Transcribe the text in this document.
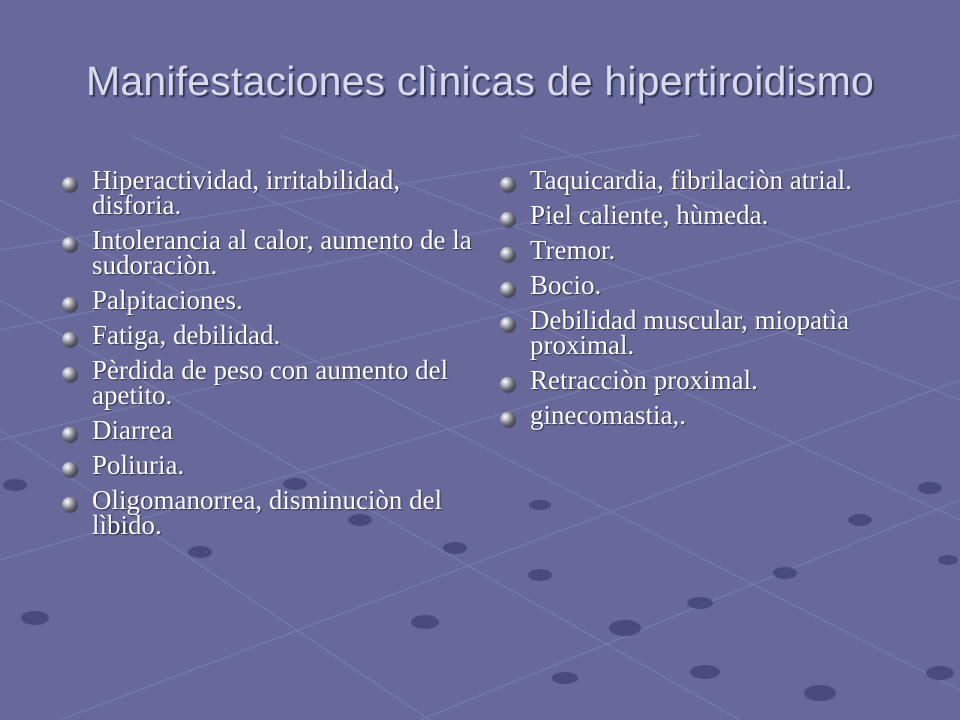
Manifestaciones clìnicas de hipertiroidismo
Hiperactividad, irritabilidad, disforia.
Intolerancia al calor, aumento de la sudoraciòn.
Palpitaciones.
Fatiga, debilidad.
Pèrdida de peso con aumento del apetito.
Diarrea
Poliuria.
Oligomanorrea, disminuciòn del lìbido.
Taquicardia, fibrilaciòn atrial.
Piel caliente, hùmeda.
Tremor.
Bocio.
Debilidad muscular, miopatìa proximal.
Retracciòn proximal.
ginecomastia,.
